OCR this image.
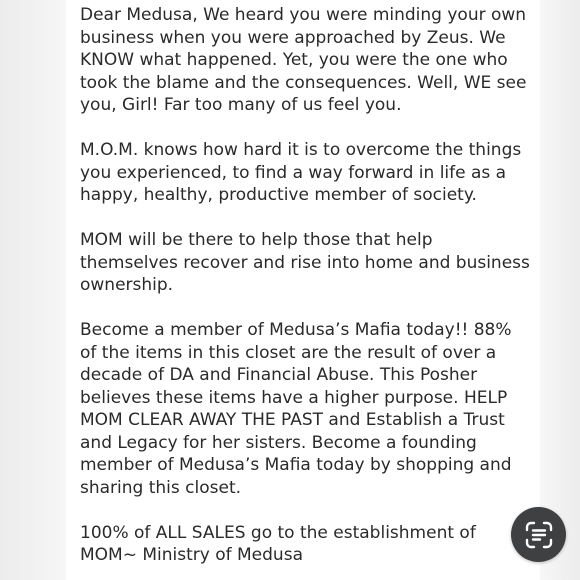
Dear Medusa, We heard you were minding your own
business when you were approached by Zeus. We
KNOW what happened. Yet, you were the one who
took the blame and the consequences. Well, WE see
you, Girl! Far too many of us feel you.

M.O.M. knows how hard it is to overcome the things
you experienced, to find a way forward in life as a
happy, healthy, productive member of society.

MOM will be there to help those that help
themselves recover and rise into home and business
ownership.

Become a member of Medusa’s Mafia today!! 88%
of the items in this closet are the result of over a
decade of DA and Financial Abuse. This Posher
believes these items have a higher purpose. HELP
MOM CLEAR AWAY THE PAST and Establish a Trust
and Legacy for her sisters. Become a founding
member of Medusa’s Mafia today by shopping and
sharing this closet.

100% of ALL SALES go to the establishment of
MOM~ Ministry of Medusa
